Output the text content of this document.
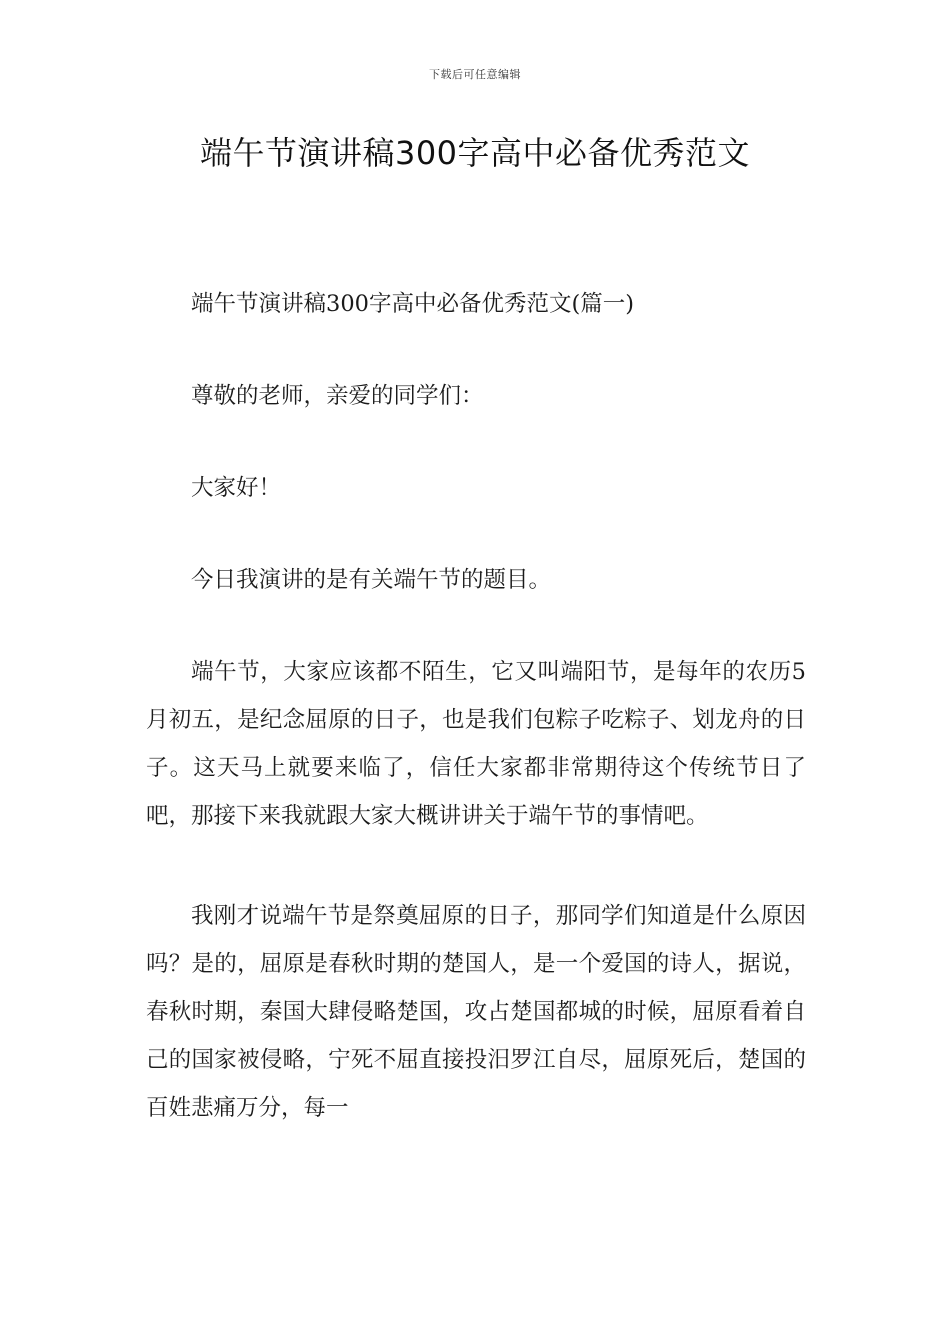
下载后可任意编辑
端午节演讲稿300字高中必备优秀范文

端午节演讲稿300字高中必备优秀范文(篇一)

尊敬的老师，亲爱的同学们：

大家好！

今日我演讲的是有关端午节的题目。

端午节，大家应该都不陌生，它又叫端阳节，是每年的农历5月初五，是纪念屈原的日子，也是我们包粽子吃粽子、划龙舟的日子。这天马上就要来临了，信任大家都非常期待这个传统节日了吧，那接下来我就跟大家大概讲讲关于端午节的事情吧。

我刚才说端午节是祭奠屈原的日子，那同学们知道是什么原因吗？是的，屈原是春秋时期的楚国人，是一个爱国的诗人，据说，春秋时期，秦国大肆侵略楚国，攻占楚国都城的时候，屈原看着自己的国家被侵略，宁死不屈直接投汨罗江自尽，屈原死后，楚国的百姓悲痛万分，每一
